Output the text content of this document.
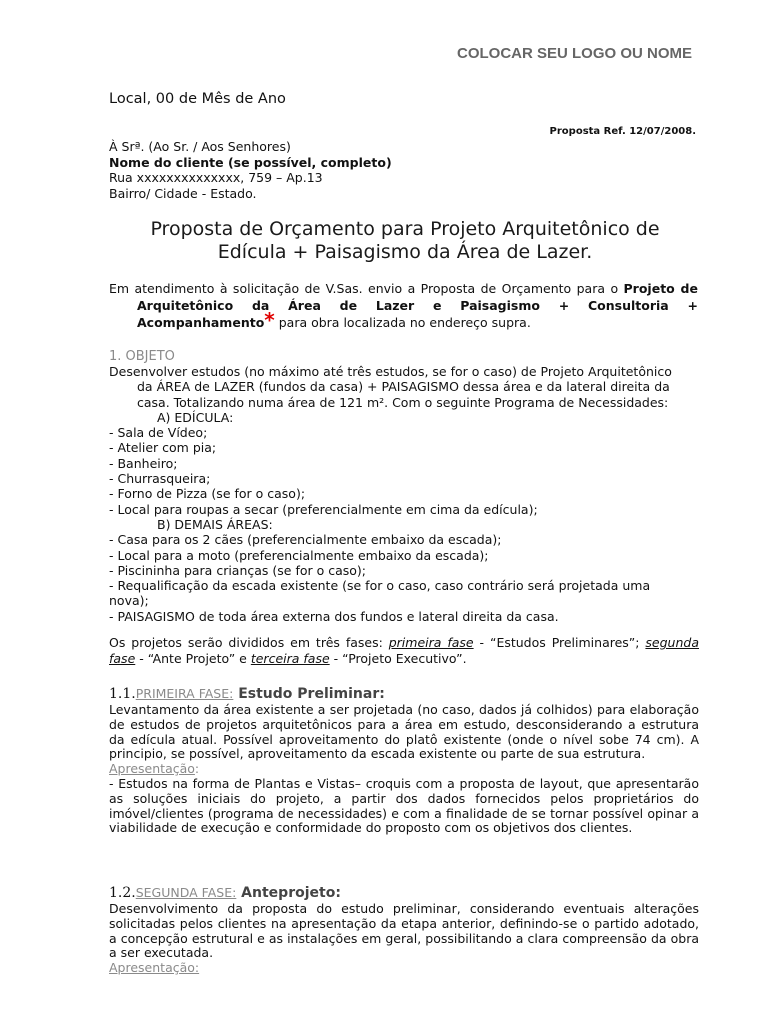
COLOCAR SEU LOGO OU NOME
Local, 00 de Mês de Ano
Proposta Ref. 12/07/2008.
À Srª. (Ao Sr. / Aos Senhores)
Nome do cliente (se possível, completo)
Rua xxxxxxxxxxxxxx, 759 – Ap.13
Bairro/ Cidade - Estado.
Proposta de Orçamento para Projeto Arquitetônico de
Edícula + Paisagismo da Área de Lazer.
Em atendimento à solicitação de V.Sas. envio a Proposta de Orçamento para o Projeto de
Arquitetônico da Área de Lazer e Paisagismo + Consultoria +
Acompanhamento* para obra localizada no endereço supra.
1. OBJETO
Desenvolver estudos (no máximo até três estudos, se for o caso) de Projeto Arquitetônico
da ÁREA de LAZER (fundos da casa) + PAISAGISMO dessa área e da lateral direita da
casa. Totalizando numa área de 121 m². Com o seguinte Programa de Necessidades:
A) EDÍCULA:
- Sala de Vídeo;
- Atelier com pia;
- Banheiro;
- Churrasqueira;
- Forno de Pizza (se for o caso);
- Local para roupas a secar (preferencialmente em cima da edícula);
B) DEMAIS ÁREAS:
- Casa para os 2 cães (preferencialmente embaixo da escada);
- Local para a moto (preferencialmente embaixo da escada);
- Piscininha para crianças (se for o caso);
- Requalificação da escada existente (se for o caso, caso contrário será projetada uma
nova);
- PAISAGISMO de toda área externa dos fundos e lateral direita da casa.
Os projetos serão divididos em três fases: primeira fase - “Estudos Preliminares”; segunda
fase - “Ante Projeto” e terceira fase - “Projeto Executivo”.
1.1.PRIMEIRA FASE: Estudo Preliminar:
Levantamento da área existente a ser projetada (no caso, dados já colhidos) para elaboração de estudos de projetos arquitetônicos para a área em estudo, desconsiderando a estrutura da edícula atual. Possível aproveitamento do platô existente (onde o nível sobe 74 cm). A principio, se possível, aproveitamento da escada existente ou parte de sua estrutura.
Apresentação:
- Estudos na forma de Plantas e Vistas– croquis com a proposta de layout, que apresentarão as soluções iniciais do projeto, a partir dos dados fornecidos pelos proprietários do imóvel/clientes (programa de necessidades) e com a finalidade de se tornar possível opinar a viabilidade de execução e conformidade do proposto com os objetivos dos clientes.
1.2.SEGUNDA FASE: Anteprojeto:
Desenvolvimento da proposta do estudo preliminar, considerando eventuais alterações solicitadas pelos clientes na apresentação da etapa anterior, definindo-se o partido adotado, a concepção estrutural e as instalações em geral, possibilitando a clara compreensão da obra a ser executada.
Apresentação:
